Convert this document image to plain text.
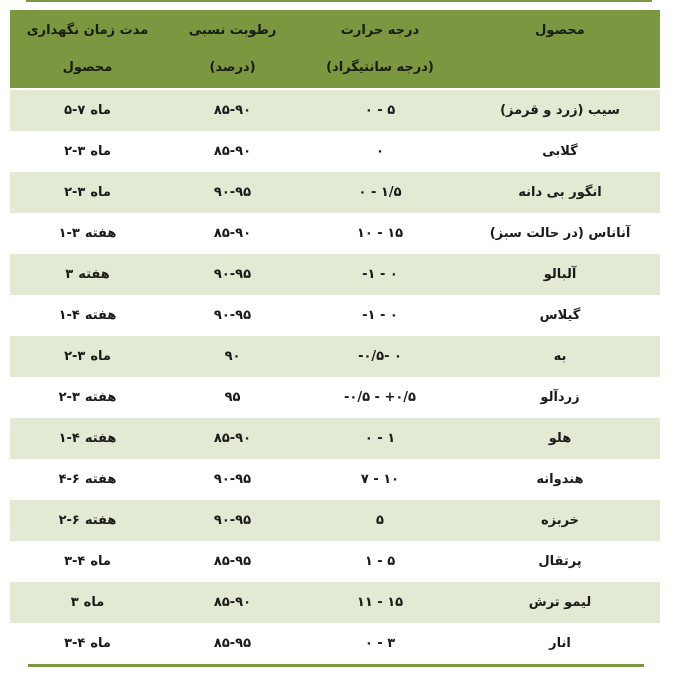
محصول

درجه حرارت
(درجه سانتیگراد)

رطوبت نسبی
(درصد)

مدت زمان نگهداری
محصول

سیب (زرد و قرمز)	۰ - ۵	۸۵-۹۰	۵-۷ ماه

گلابی	۰	۸۵-۹۰	۲-۳ ماه

انگور بی دانه	۰ - ۱/۵	۹۰-۹۵	۲-۳ ماه

آناناس (در حالت سبز)	۱۰ - ۱۵	۸۵-۹۰	۱-۳ هفته

آلبالو	-۱ - ۰	۹۰-۹۵	۳ هفته

گیلاس	-۱ - ۰	۹۰-۹۵	۱-۴ هفته

به	-۰/۵- ۰	۹۰	۲-۳ ماه

زردآلو	-۰/۵ - +۰/۵	۹۵	۲-۳ هفته

هلو	۰ - ۱	۸۵-۹۰	۱-۴ هفته

هندوانه	۷ - ۱۰	۹۰-۹۵	۴-۶ هفته

خربزه	۵	۹۰-۹۵	۲-۶ هفته

پرتقال	۱ - ۵	۸۵-۹۵	۳-۴ ماه

لیمو ترش	۱۱ - ۱۵	۸۵-۹۰	۳ ماه

انار	۰ - ۳	۸۵-۹۵	۳-۴ ماه
